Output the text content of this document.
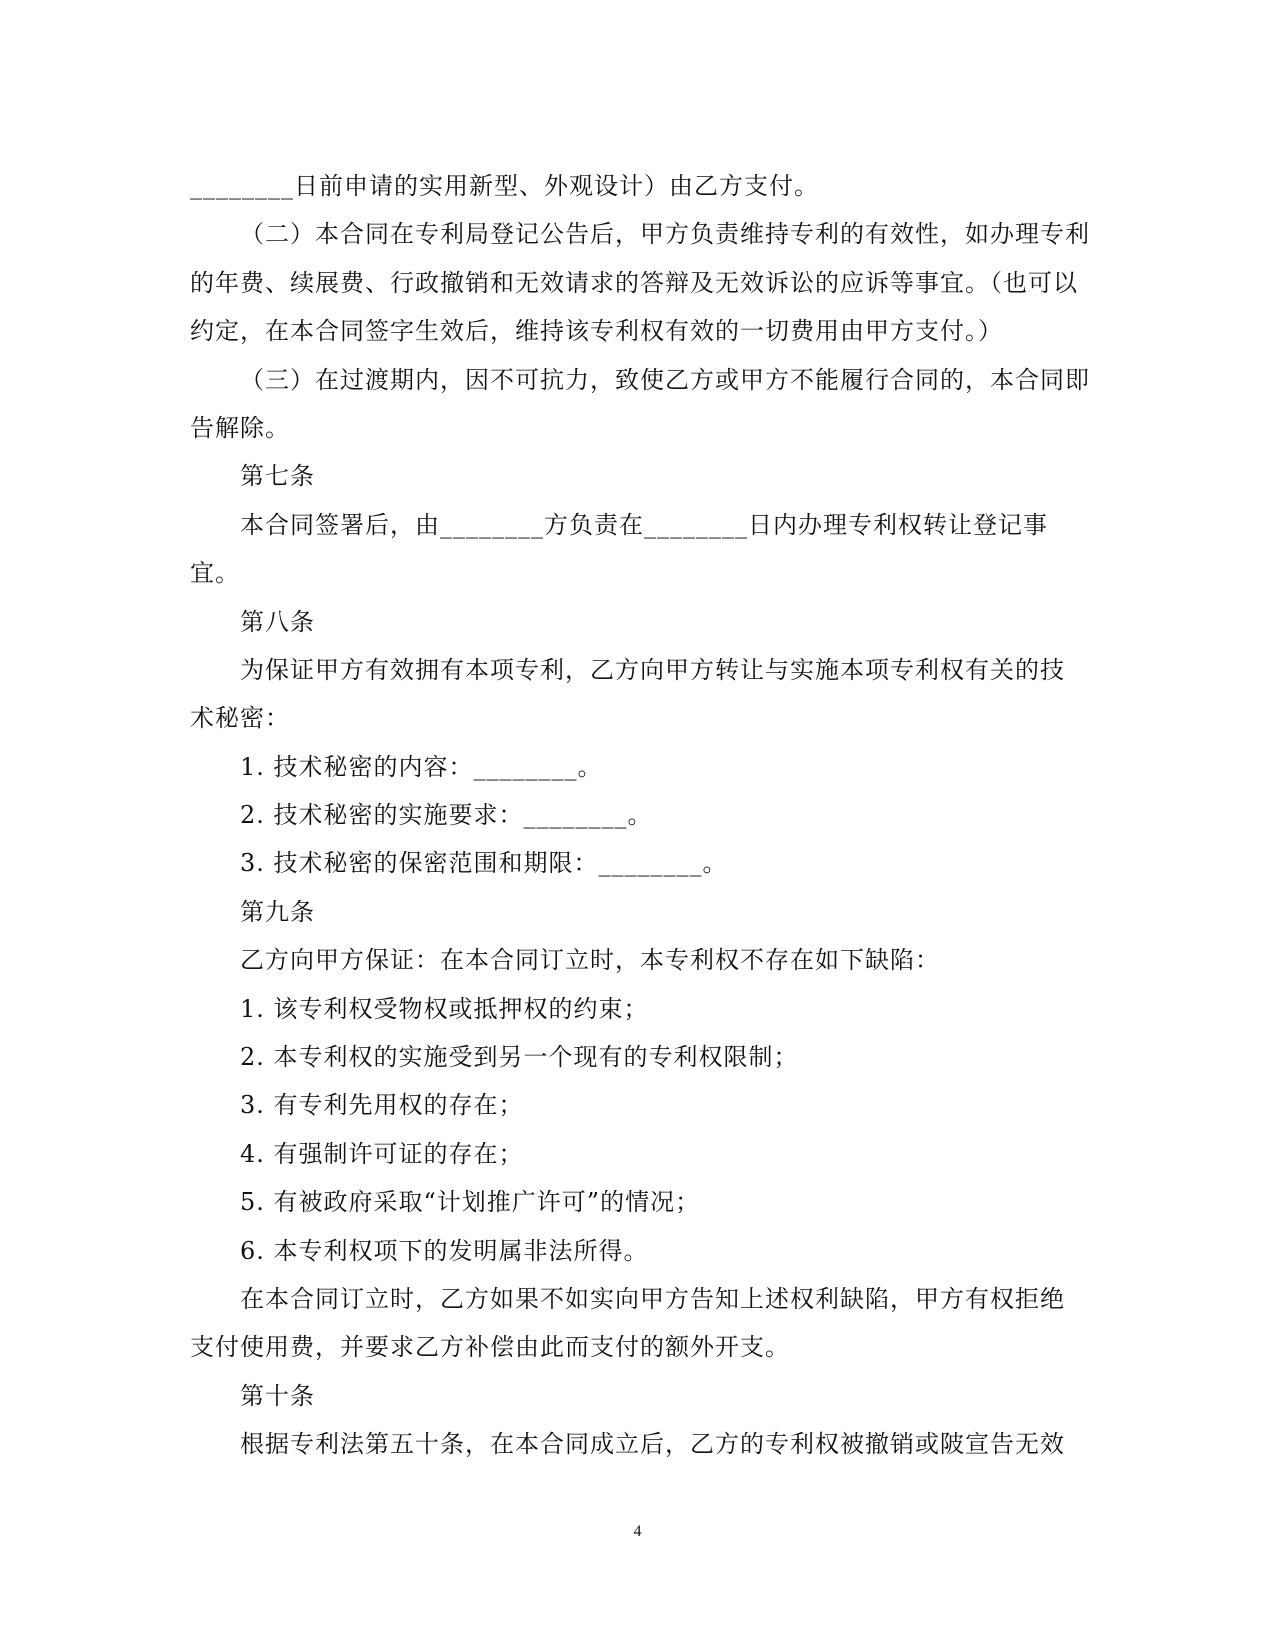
________日前申请的实用新型、外观设计）由乙方支付。
（二）本合同在专利局登记公告后，甲方负责维持专利的有效性，如办理专利
的年费、续展费、行政撤销和无效请求的答辩及无效诉讼的应诉等事宜。（也可以
约定，在本合同签字生效后，维持该专利权有效的一切费用由甲方支付。）
（三）在过渡期内，因不可抗力，致使乙方或甲方不能履行合同的，本合同即
告解除。
第七条
本合同签署后，由________方负责在________日内办理专利权转让登记事
宜。
第八条
为保证甲方有效拥有本项专利，乙方向甲方转让与实施本项专利权有关的技
术秘密：
1. 技术秘密的内容：________。
2. 技术秘密的实施要求：________。
3. 技术秘密的保密范围和期限：________。
第九条
乙方向甲方保证：在本合同订立时，本专利权不存在如下缺陷：
1. 该专利权受物权或抵押权的约束；
2. 本专利权的实施受到另一个现有的专利权限制；
3. 有专利先用权的存在；
4. 有强制许可证的存在；
5. 有被政府采取“计划推广许可”的情况；
6. 本专利权项下的发明属非法所得。
在本合同订立时，乙方如果不如实向甲方告知上述权利缺陷，甲方有权拒绝
支付使用费，并要求乙方补偿由此而支付的额外开支。
第十条
根据专利法第五十条，在本合同成立后，乙方的专利权被撤销或陂宣告无效
4
